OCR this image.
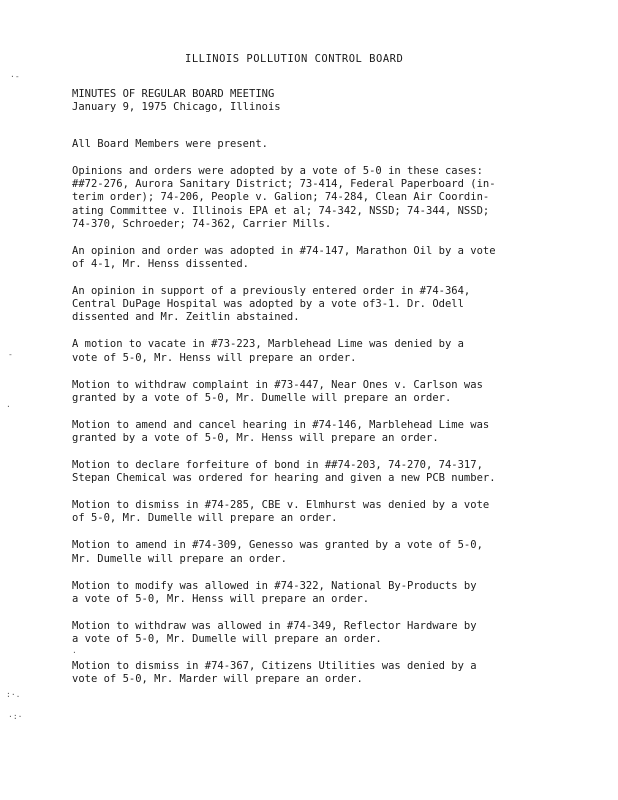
ILLINOIS POLLUTION CONTROL BOARD
MINUTES OF REGULAR BOARD MEETING
January 9, 1975 Chicago, Illinois
All Board Members were present.
Opinions and orders were adopted by a vote of 5-0 in these cases:
##72-276, Aurora Sanitary District; 73-414, Federal Paperboard (in-
terim order); 74-206, People v. Galion; 74-284, Clean Air Coordin-
ating Committee v. Illinois EPA et al; 74-342, NSSD; 74-344, NSSD;
74-370, Schroeder; 74-362, Carrier Mills.
An opinion and order was adopted in #74-147, Marathon Oil by a vote
of 4-1, Mr. Henss dissented.
An opinion in support of a previously entered order in #74-364,
Central DuPage Hospital was adopted by a vote of3-1. Dr. Odell
dissented and Mr. Zeitlin abstained.
A motion to vacate in #73-223, Marblehead Lime was denied by a
vote of 5-0, Mr. Henss will prepare an order.
Motion to withdraw complaint in #73-447, Near Ones v. Carlson was
granted by a vote of 5-0, Mr. Dumelle will prepare an order.
Motion to amend and cancel hearing in #74-146, Marblehead Lime was
granted by a vote of 5-0, Mr. Henss will prepare an order.
Motion to declare forfeiture of bond in ##74-203, 74-270, 74-317,
Stepan Chemical was ordered for hearing and given a new PCB number.
Motion to dismiss in #74-285, CBE v. Elmhurst was denied by a vote
of 5-0, Mr. Dumelle will prepare an order.
Motion to amend in #74-309, Genesso was granted by a vote of 5-0,
Mr. Dumelle will prepare an order.
Motion to modify was allowed in #74-322, National By-Products by
a vote of 5-0, Mr. Henss will prepare an order.
Motion to withdraw was allowed in #74-349, Reflector Hardware by
a vote of 5-0, Mr. Dumelle will prepare an order.
Motion to dismiss in #74-367, Citizens Utilities was denied by a
vote of 5-0, Mr. Marder will prepare an order.
·-
-
·
·
:·.
·:·
